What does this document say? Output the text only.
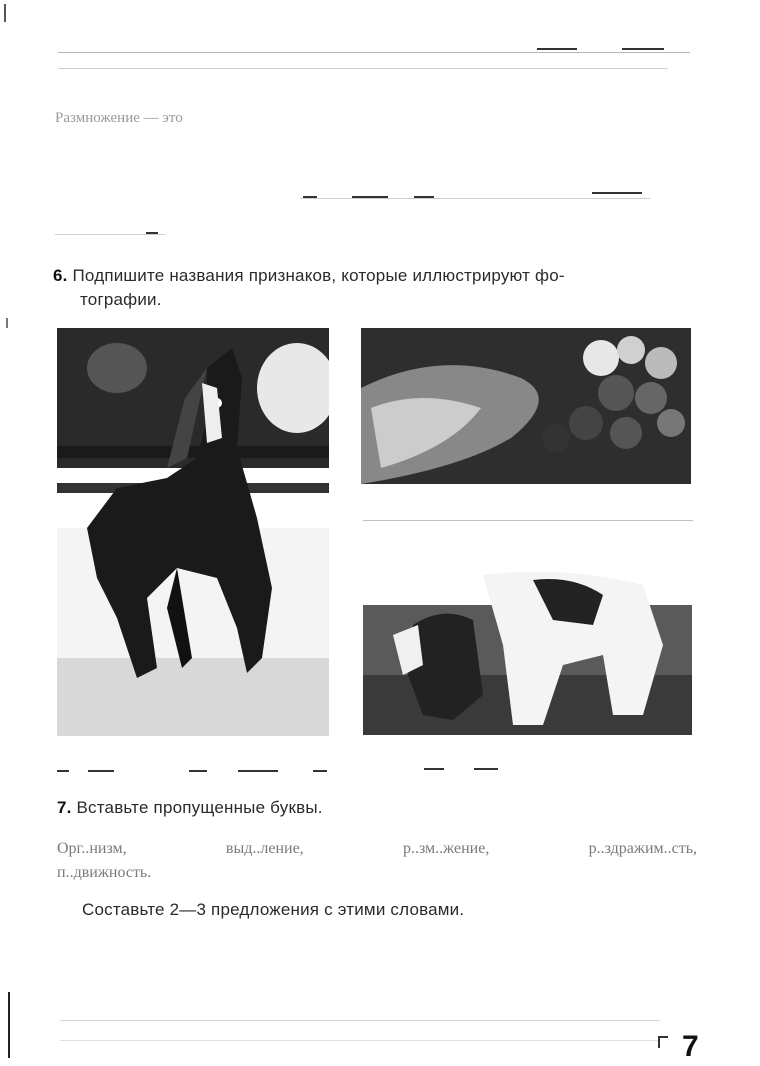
Размножение — это
6. Подпишите названия признаков, которые иллюстрируют фо-
тографии.
7. Вставьте пропущенные буквы.
Орг..низм,	выд..ление,	р..зм..жение,	р..здражим..сть,
п..движность.
Составьте 2—3 предложения с этими словами.
7
